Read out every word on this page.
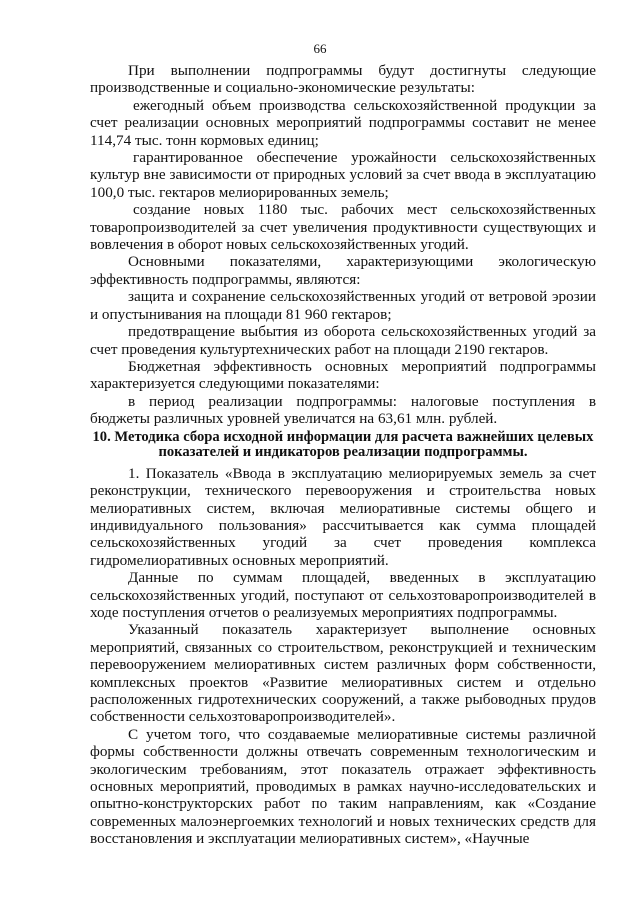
66

При выполнении подпрограммы будут достигнуты следующие производственные и социально-экономические результаты:

ежегодный объем производства сельскохозяйственной продукции за счет реализации основных мероприятий подпрограммы составит не менее 114,74 тыс. тонн кормовых единиц;

гарантированное обеспечение урожайности сельскохозяйственных культур вне зависимости от природных условий за счет ввода в эксплуатацию 100,0 тыс. гектаров мелиорированных земель;

создание новых 1180 тыс. рабочих мест сельскохозяйственных товаропроизводителей за счет увеличения продуктивности существующих и вовлечения в оборот новых сельскохозяйственных угодий.

Основными показателями, характеризующими экологическую эффективность подпрограммы, являются:

защита и сохранение сельскохозяйственных угодий от ветровой эрозии и опустынивания на площади 81 960 гектаров;

предотвращение выбытия из оборота сельскохозяйственных угодий за счет проведения культуртехнических работ на площади 2190 гектаров.

Бюджетная эффективность основных мероприятий подпрограммы характеризуется следующими показателями:

в период реализации подпрограммы: налоговые поступления в бюджеты различных уровней увеличатся на 63,61 млн. рублей.

10. Методика сбора исходной информации для расчета важнейших целевых показателей и индикаторов реализации подпрограммы.

1. Показатель «Ввода в эксплуатацию мелиорируемых земель за счет реконструкции, технического перевооружения и строительства новых мелиоративных систем, включая мелиоративные системы общего и индивидуального пользования» рассчитывается как сумма площадей сельскохозяйственных угодий за счет проведения комплекса гидромелиоративных основных мероприятий.

Данные по суммам площадей, введенных в эксплуатацию сельскохозяйственных угодий, поступают от сельхозтоваропроизводителей в ходе поступления отчетов о реализуемых мероприятиях подпрограммы.

Указанный показатель характеризует выполнение основных мероприятий, связанных со строительством, реконструкцией и техническим перевооружением мелиоративных систем различных форм собственности, комплексных проектов «Развитие мелиоративных систем и отдельно расположенных гидротехнических сооружений, а также рыбоводных прудов собственности сельхозтоваропроизводителей».

С учетом того, что создаваемые мелиоративные системы различной формы собственности должны отвечать современным технологическим и экологическим требованиям, этот показатель отражает эффективность основных мероприятий, проводимых в рамках научно-исследовательских и опытно-конструкторских работ по таким направлениям, как «Создание современных малоэнергоемких технологий и новых технических средств для восстановления и эксплуатации мелиоративных систем», «Научные
